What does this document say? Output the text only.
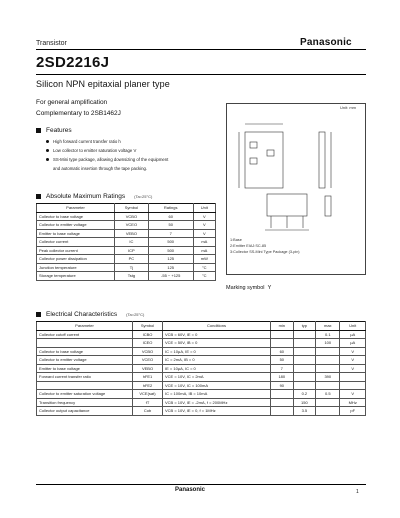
Transistor	Panasonic
2SD2216J
Silicon NPN epitaxial planer type
For general amplification
Complementary to 2SB1462J
Features
High forward current transfer ratio h
Low collector to emitter saturation voltage V
SS-Mini type package, allowing downsizing of the equipment
and automatic insertion through the tape packing.
Absolute Maximum Ratings (Ta=25°C)
Parameter	Symbol	Ratings	Unit
Collector to base voltage	VCBO	60	V
Collector to emitter voltage	VCEO	50	V
Emitter to base voltage	VEBO	7	V
Collector current	IC	500	mA
Peak collector current	ICP	500	mA
Collector power dissipation	PC	125	mW
Junction temperature	Tj	125	°C
Storage temperature	Tstg	-55 ~ +125	°C
Unit: mm
1:Base
2:Emitter EIAJ:SC-85
3:Collector SS-Mini Type Package (3-pin)
Marking symbol Y
Electrical Characteristics (Ta=25°C)
Parameter	Symbol	Conditions	min	typ	max	Unit
Collector cutoff current	ICBO	VCB = 60V, IE = 0			0.1	μA
	ICEO	VCE = 50V, IB = 0			100	μA
Collector to base voltage	VCBO	IC = 10μA, IE = 0	60			V
Collector to emitter voltage	VCEO	IC = 2mA, IB = 0	50			V
Emitter to base voltage	VEBO	IE = 10μA, IC = 0	7			V
Forward current transfer ratio	hFE1	VCE = 10V, IC = 2mA	180		390	
	hFE2	VCE = 10V, IC = 100mA	90			
Collector to emitter saturation voltage	VCE(sat)	IC = 100mA, IB = 10mA		0.2	0.5	V
Transition frequency	fT	VCB = 10V, IE = -2mA, f = 200MHz		150		MHz
Collector output capacitance	Cob	VCB = 10V, IE = 0, f = 1MHz		3.5		pF
Panasonic	1
